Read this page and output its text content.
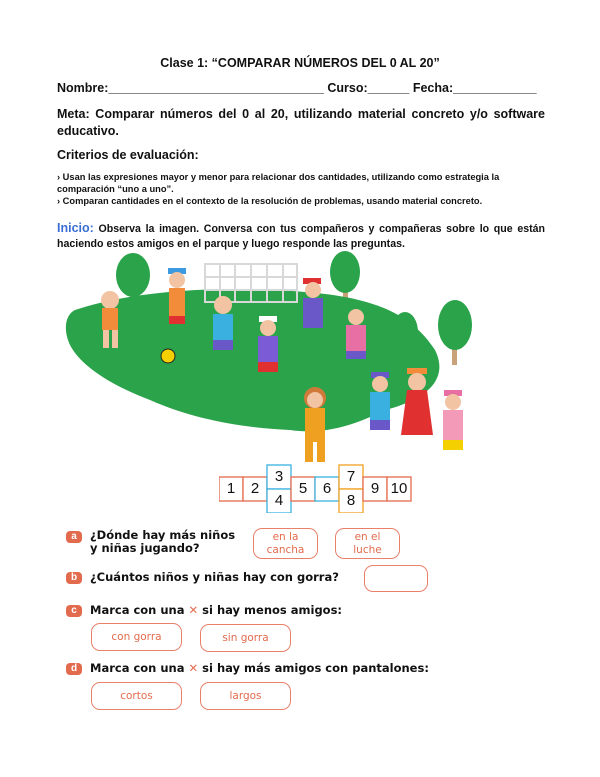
Clase 1: “COMPARAR NÚMEROS DEL 0 AL 20”
Nombre:_______________________________ Curso:______ Fecha:____________
Meta: Comparar números del 0 al 20, utilizando material concreto y/o software educativo.
Criterios de evaluación:
› Usan las expresiones mayor y menor para relacionar dos cantidades, utilizando como estrategia la comparación “uno a uno”.
› Comparan cantidades en el contexto de la resolución de problemas, usando material concreto.
Inicio: Observa la imagen. Conversa con tus compañeros y compañeras sobre lo que están haciendo estos amigos en el parque y luego responde las preguntas.
1	2
3
4
5	6
7
8
9 10
a	¿Dónde hay más niños
y niñas jugando?
en la
cancha
en el
luche
b	¿Cuántos niños y niñas hay con gorra?
c	Marca con una ✕ si hay menos amigos:
con gorra	sin gorra
d	Marca con una ✕ si hay más amigos con pantalones:
cortos	largos
